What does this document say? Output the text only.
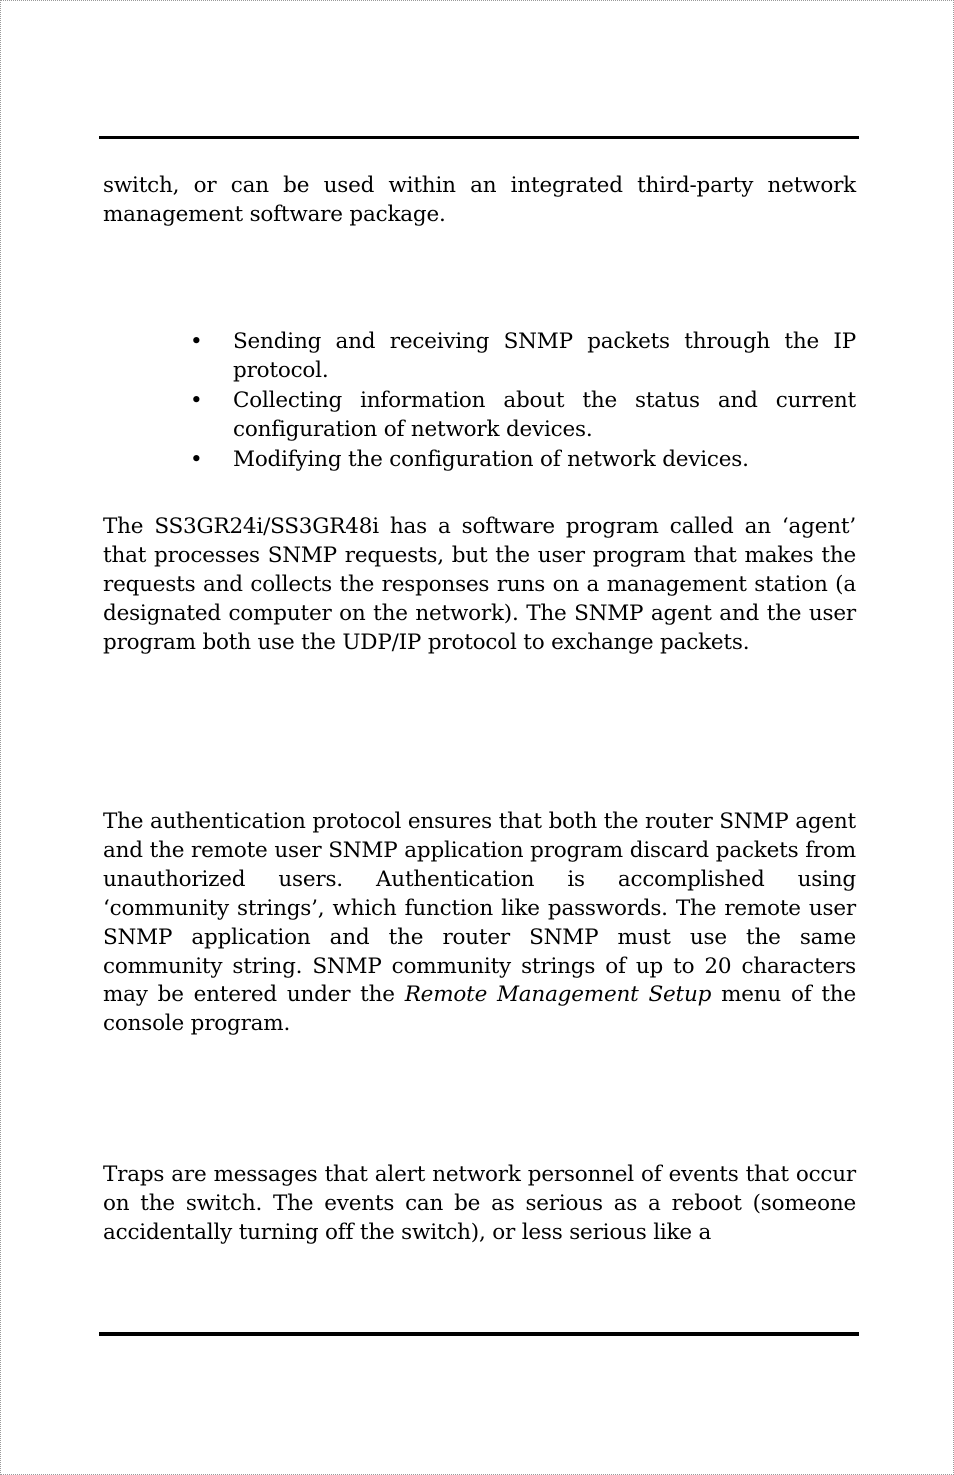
switch, or can be used within an integrated third-party network management software package.

•	Sending and receiving SNMP packets through the IP protocol.
•	Collecting information about the status and current configuration of network devices.
•	Modifying the configuration of network devices.

The SS3GR24i/SS3GR48i has a software program called an ‘agent’ that processes SNMP requests, but the user program that makes the requests and collects the responses runs on a management station (a designated computer on the network). The SNMP agent and the user program both use the UDP/IP protocol to exchange packets.

The authentication protocol ensures that both the router SNMP agent and the remote user SNMP application program discard packets from unauthorized users. Authentication is accomplished using ‘community strings’, which function like passwords. The remote user SNMP application and the router SNMP must use the same community string. SNMP community strings of up to 20 characters may be entered under the Remote Management Setup menu of the console program.

Traps are messages that alert network personnel of events that occur on the switch. The events can be as serious as a reboot (someone accidentally turning off the switch), or less serious like a
